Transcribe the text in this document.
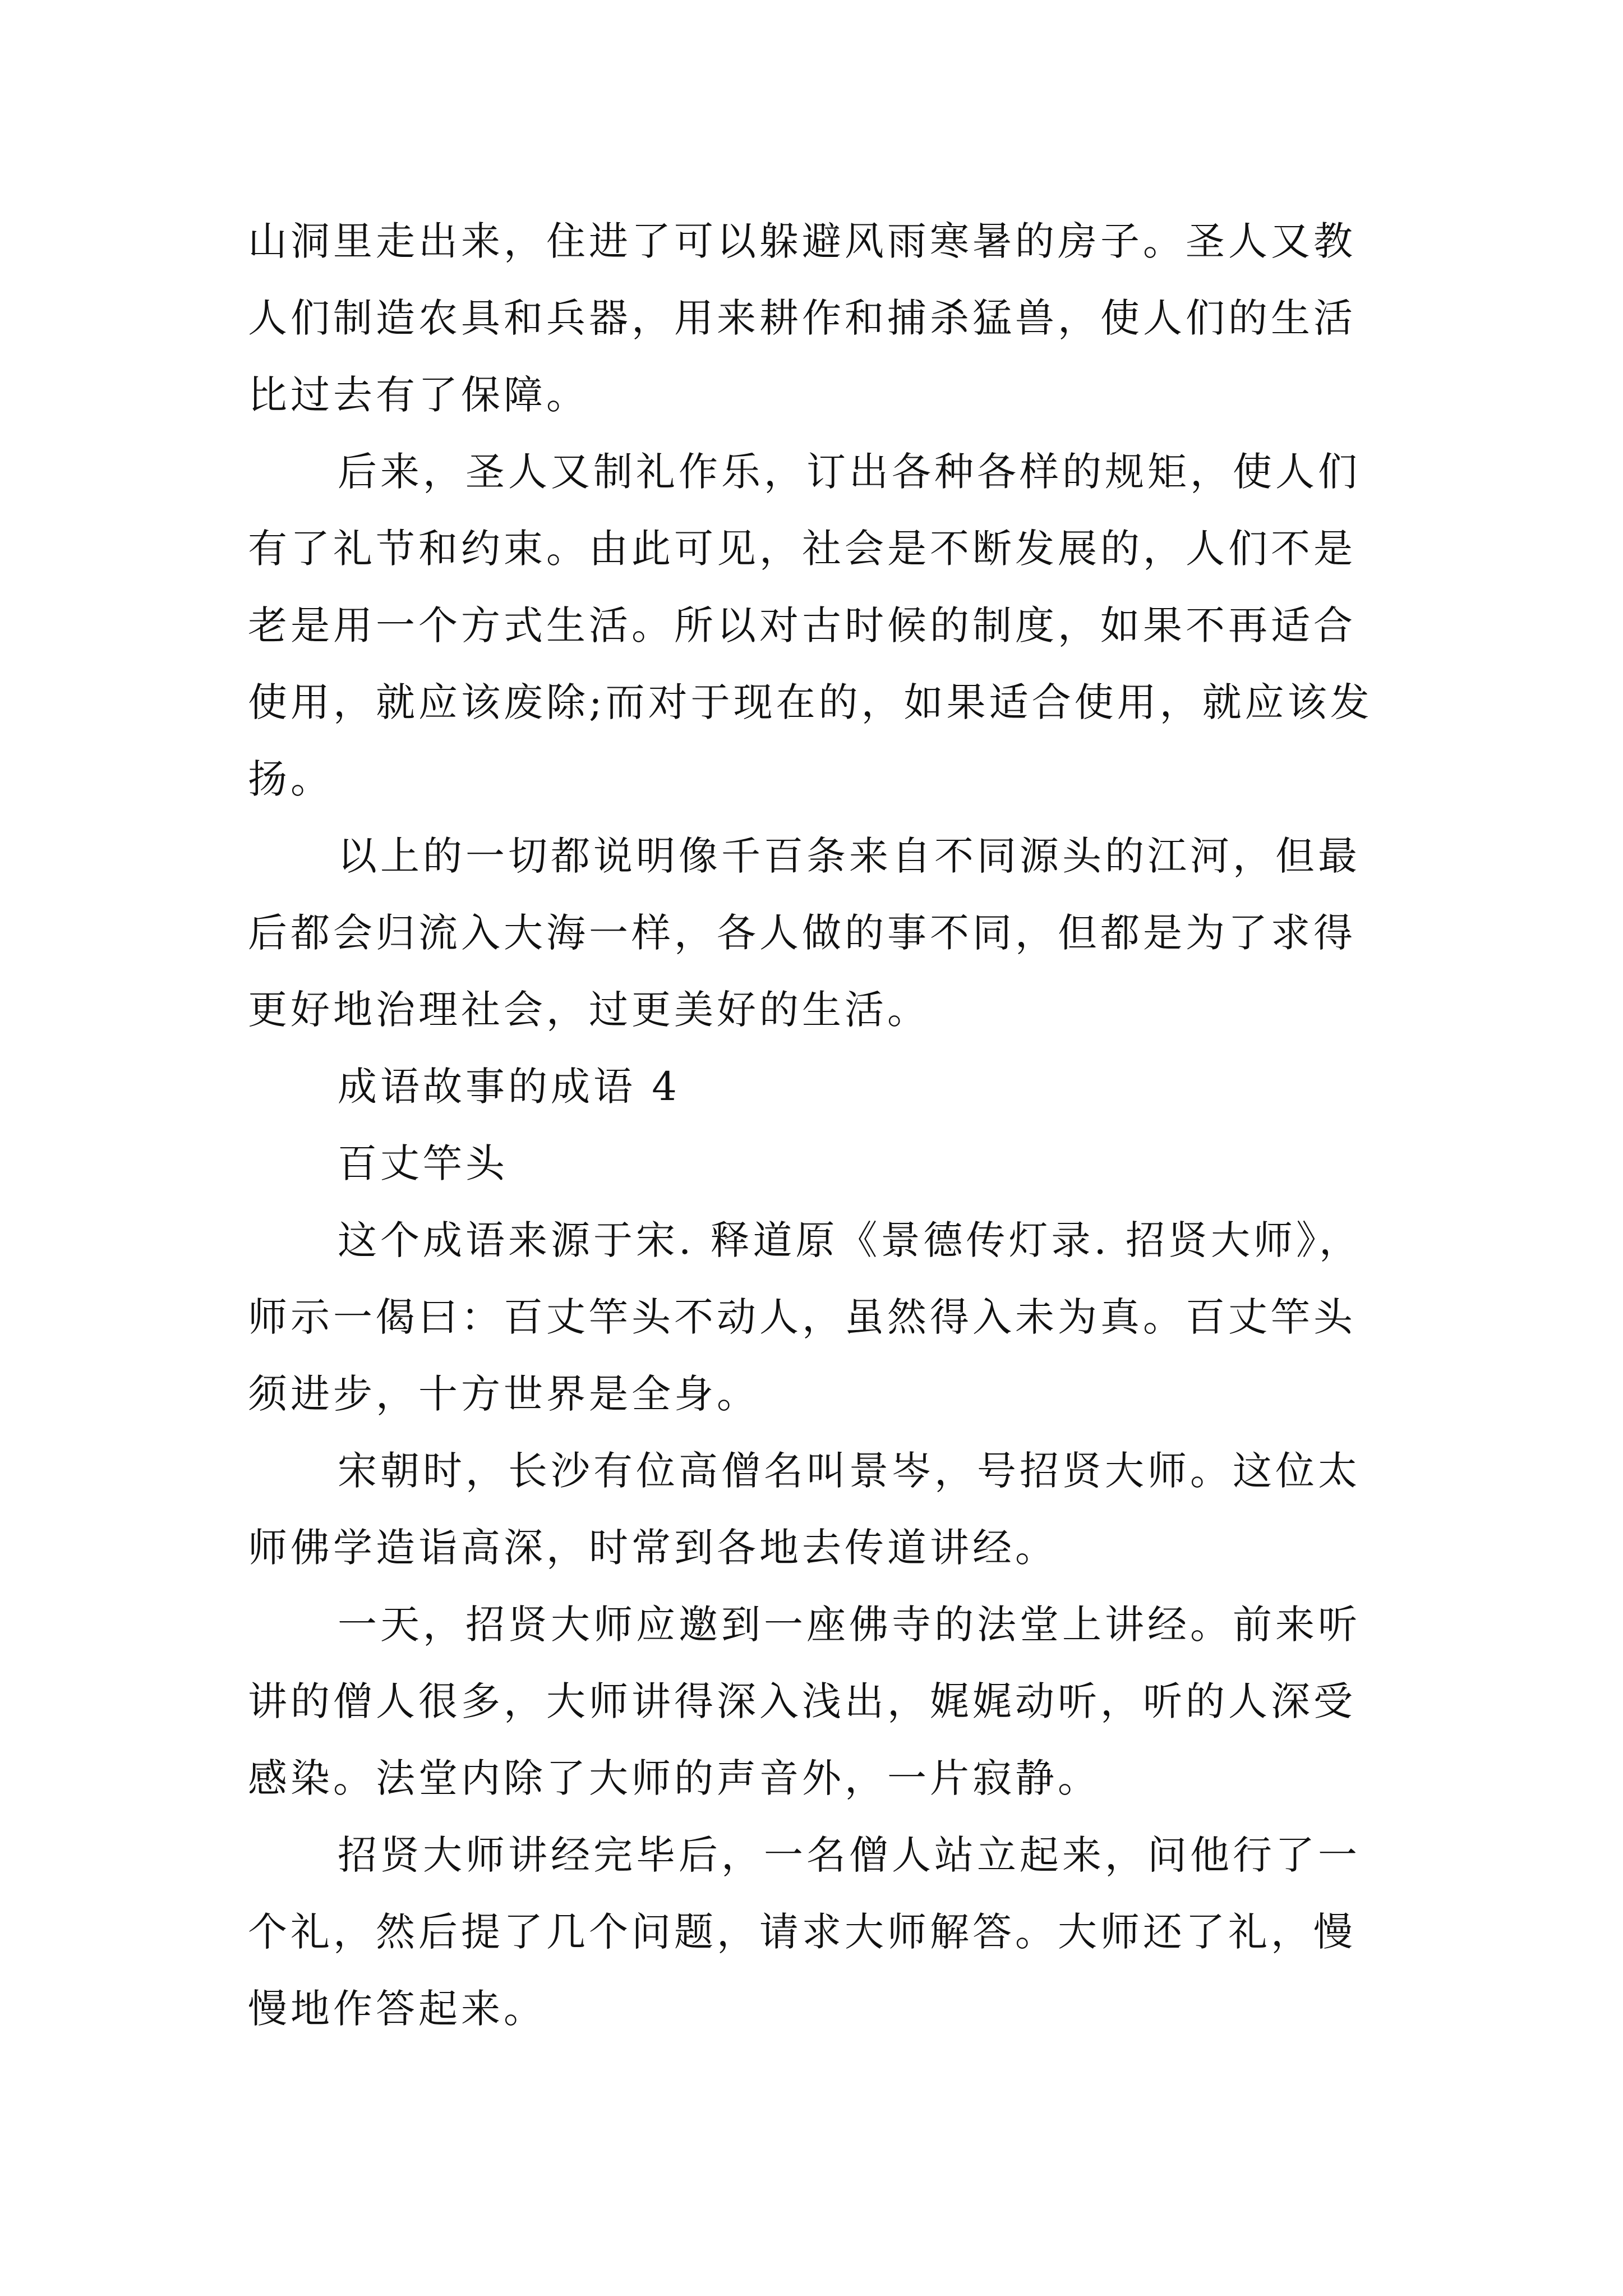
山洞里走出来，住进了可以躲避风雨寒暑的房子。圣人又教人们制造农具和兵器，用来耕作和捕杀猛兽，使人们的生活比过去有了保障。

后来，圣人又制礼作乐，订出各种各样的规矩，使人们有了礼节和约束。由此可见，社会是不断发展的，人们不是老是用一个方式生活。所以对古时候的制度，如果不再适合使用，就应该废除;而对于现在的，如果适合使用，就应该发扬。

以上的一切都说明像千百条来自不同源头的江河，但最后都会归流入大海一样，各人做的事不同，但都是为了求得更好地治理社会，过更美好的生活。

成语故事的成语 4

百丈竿头

这个成语来源于宋. 释道原《景德传灯录. 招贤大师》，师示一偈曰：百丈竿头不动人，虽然得入未为真。百丈竿头须进步，十方世界是全身。

宋朝时，长沙有位高僧名叫景岑，号招贤大师。这位太师佛学造诣高深，时常到各地去传道讲经。

一天，招贤大师应邀到一座佛寺的法堂上讲经。前来听讲的僧人很多，大师讲得深入浅出，娓娓动听，听的人深受感染。法堂内除了大师的声音外，一片寂静。

招贤大师讲经完毕后，一名僧人站立起来，问他行了一个礼，然后提了几个问题，请求大师解答。大师还了礼，慢慢地作答起来。
